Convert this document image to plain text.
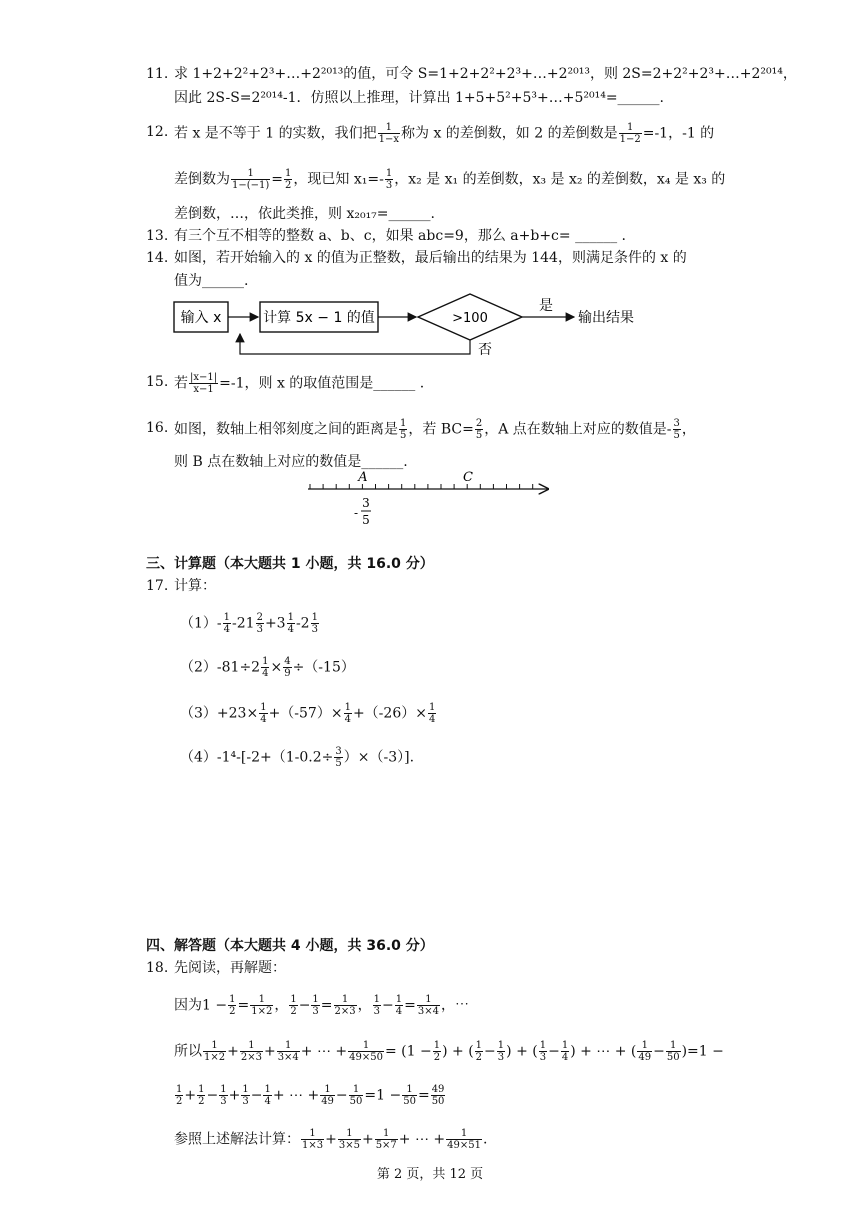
11. 求 1+2+2²+2³+…+2²⁰¹³的值，可令 S=1+2+2²+2³+…+2²⁰¹³，则 2S=2+2²+2³+…+2²⁰¹⁴，
因此 2S-S=2²⁰¹⁴-1．仿照以上推理，计算出 1+5+5²+5³+…+5²⁰¹⁴=______.
12. 若 x 是不等于 1 的实数，我们把 $\frac{1}{1-x}$ 称为 x 的差倒数，如 2 的差倒数是 $\frac{1}{1-2} =-1$，-1 的
差倒数为 $\frac{1}{1-(-1)} = \frac{1}{2}$ ，现已知 $x_1=- \frac{1}{3}$ ，x₂ 是 x₁ 的差倒数，x₃ 是 x₂ 的差倒数，x₄ 是 x₃ 的
差倒数，…，依此类推，则 x₂₀₁₇=______.
13. 有三个互不相等的整数 a、b、c，如果 abc=9，那么 a+b+c= ______ .
14. 如图，若开始输入的 x 的值为正整数，最后输出的结果为 144，则满足条件的 x 的
值为______.
输入 x	计算 5x − 1 的值	>100
是
输出结果
否
15. 若 $\frac{|x-1|}{x-1} =-1$，则 x 的取值范围是______ .
16. 如图，数轴上相邻刻度之间的距离是 $\frac{1}{5}$ ，若 $BC= \frac{2}{5}$ ，A 点在数轴上对应的数值是- $\frac{3}{5}$ ，
则 B 点在数轴上对应的数值是______.
A	C
-
3
5
三、计算题（本大题共 1 小题，共 16.0 分）
17. 计算：
$(1)- \frac{1}{4} -21 \frac{2}{3} +3 \frac{1}{4} -2 \frac{1}{3}$
$(2)-81\div 2 \frac{1}{4} \times \frac{4}{9} \div(-15)$
$(3)+23\times \frac{1}{4} +(-57)\times \frac{1}{4} +(-26)\times \frac{1}{4}$
$(4)-1^4-[-2+(1-0.2\div \frac{3}{5} )\times(-3)]$.
四、解答题（本大题共 4 小题，共 36.0 分）
18. 先阅读，再解题：
因为$1 - \frac{1}{2} = \frac{1}{1\times 2}$ ， $\frac{1}{2} - \frac{1}{3} = \frac{1}{2\times 3}$ ， $\frac{1}{3} - \frac{1}{4} = \frac{1}{3\times 4}$ ，⋯
所以 $\frac{1}{1\times 2} + \frac{1}{2\times 3} + \frac{1}{3\times 4}$ + ⋯ + $\frac{1}{49\times 50} = (1 - \frac{1}{2}$ ) + ( $\frac{1}{2} - \frac{1}{3}$ ) + ( $\frac{1}{3} - \frac{1}{4}$ ) + ⋯ + ( $\frac{1}{49} - \frac{1}{50} )=1$ −
$\frac{1}{2} + \frac{1}{2} - \frac{1}{3} + \frac{1}{3} - \frac{1}{4}$ + ⋯ + $\frac{1}{49} - \frac{1}{50} =1 - \frac{1}{50} = \frac{49}{50}$
参照上述解法计算： $\frac{1}{1\times 3} + \frac{1}{3\times 5} + \frac{1}{5\times 7}$ + ⋯ + $\frac{1}{49\times 51}$ .
第 2 页，共 12 页
